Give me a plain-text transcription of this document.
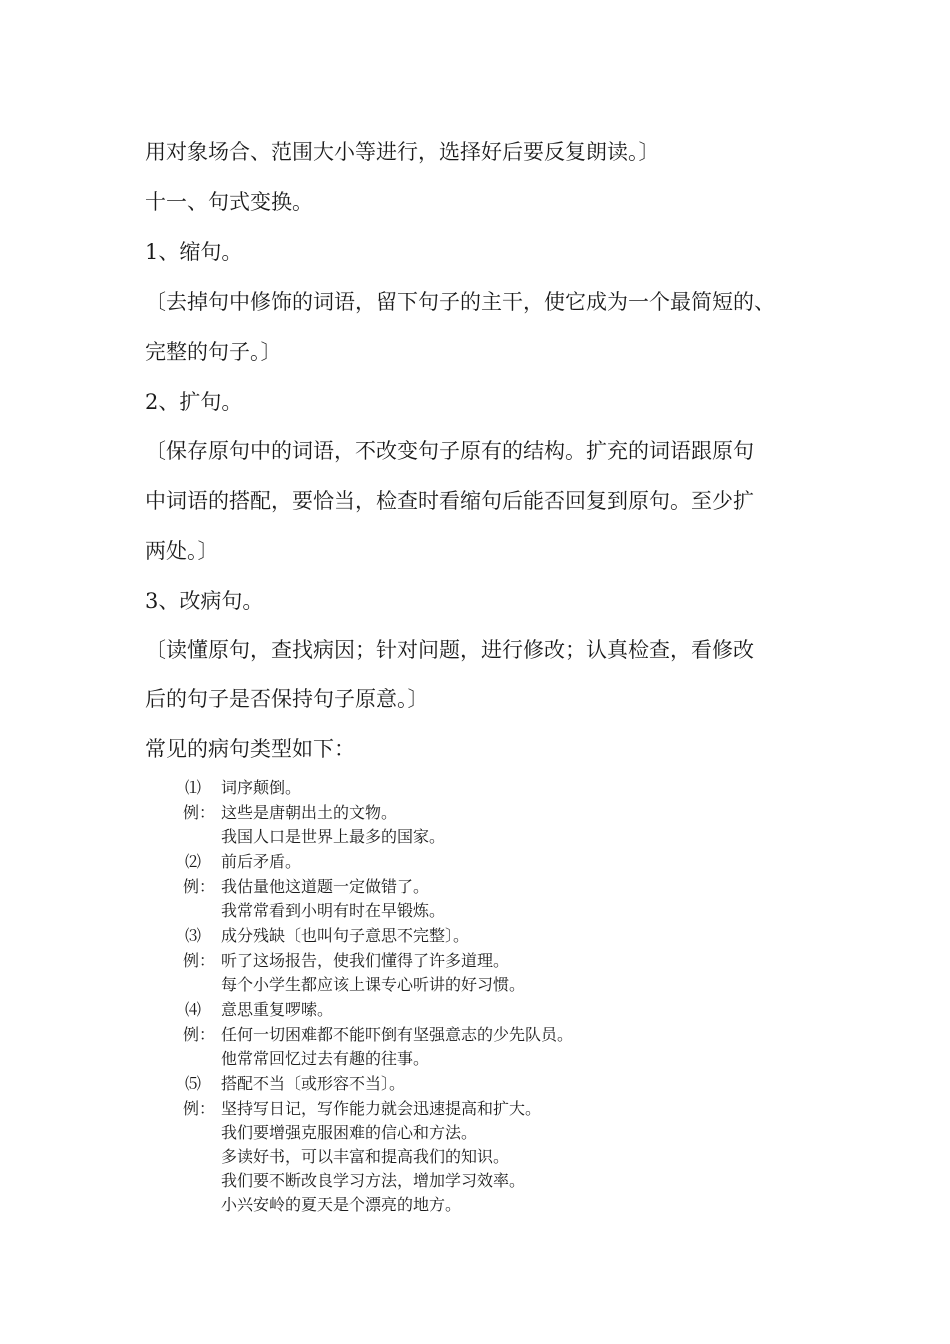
用对象场合、范围大小等进行，选择好后要反复朗读。〕
十一、句式变换。
1、缩句。
〔去掉句中修饰的词语，留下句子的主干，使它成为一个最简短的、
完整的句子。〕
2、扩句。
〔保存原句中的词语，不改变句子原有的结构。扩充的词语跟原句
中词语的搭配，要恰当，检查时看缩句后能否回复到原句。至少扩
两处。〕
3、改病句。
〔读懂原句，查找病因；针对问题，进行修改；认真检查，看修改
后的句子是否保持句子原意。〕
常见的病句类型如下：
⑴ 词序颠倒。
例： 这些是唐朝出土的文物。
我国人口是世界上最多的国家。
⑵ 前后矛盾。
例： 我估量他这道题一定做错了。
我常常看到小明有时在早锻炼。
⑶ 成分残缺〔也叫句子意思不完整〕。
例： 听了这场报告，使我们懂得了许多道理。
每个小学生都应该上课专心听讲的好习惯。
⑷ 意思重复啰嗦。
例： 任何一切困难都不能吓倒有坚强意志的少先队员。
他常常回忆过去有趣的往事。
⑸ 搭配不当〔或形容不当〕。
例： 坚持写日记，写作能力就会迅速提高和扩大。
我们要增强克服困难的信心和方法。
多读好书，可以丰富和提高我们的知识。
我们要不断改良学习方法，增加学习效率。
小兴安岭的夏天是个漂亮的地方。
